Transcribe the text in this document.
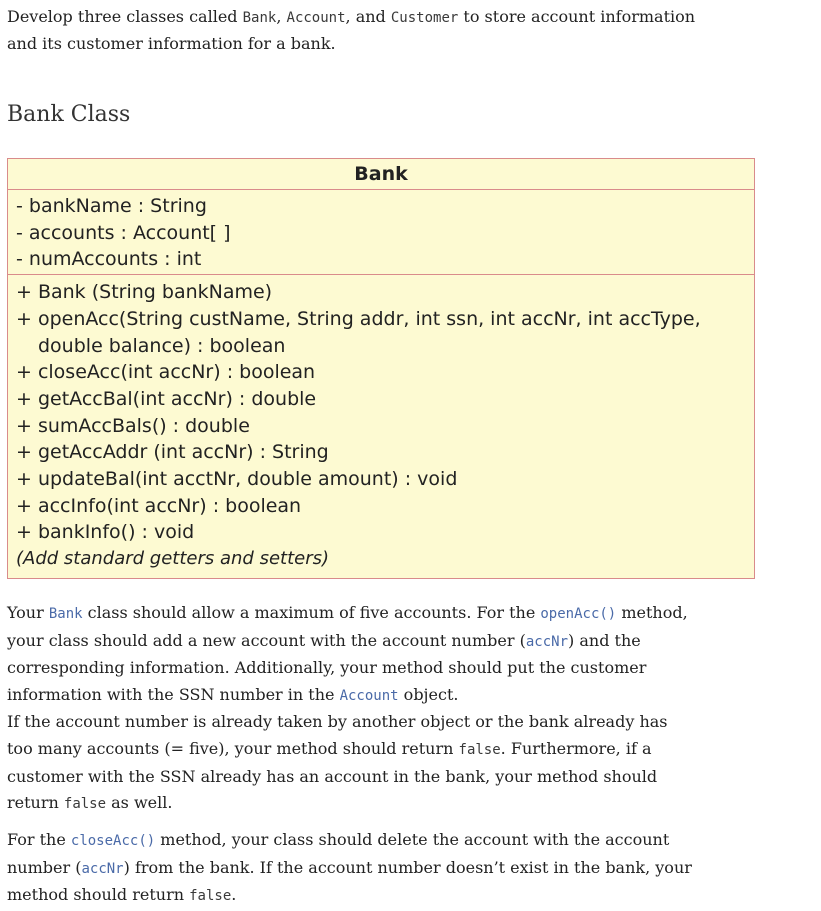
Develop three classes called Bank, Account, and Customer to store account information and its customer information for a bank.

Bank Class
Bank
- bankName : String
- accounts : Account[ ]
- numAccounts : int
+ Bank (String bankName)
+ openAcc(String custName, String addr, int ssn, int accNr, int accType,
double balance) : boolean
+ closeAcc(int accNr) : boolean
+ getAccBal(int accNr) : double
+ sumAccBals() : double
+ getAccAddr (int accNr) : String
+ updateBal(int acctNr, double amount) : void
+ accInfo(int accNr) : boolean
+ bankInfo() : void
(Add standard getters and setters)

Your Bank class should allow a maximum of five accounts. For the openAcc() method, your class should add a new account with the account number (accNr) and the corresponding information. Additionally, your method should put the customer information with the SSN number in the Account object.
If the account number is already taken by another object or the bank already has too many accounts (= five), your method should return false. Furthermore, if a customer with the SSN already has an account in the bank, your method should return false as well.

For the closeAcc() method, your class should delete the account with the account number (accNr) from the bank. If the account number doesn’t exist in the bank, your method should return false.
